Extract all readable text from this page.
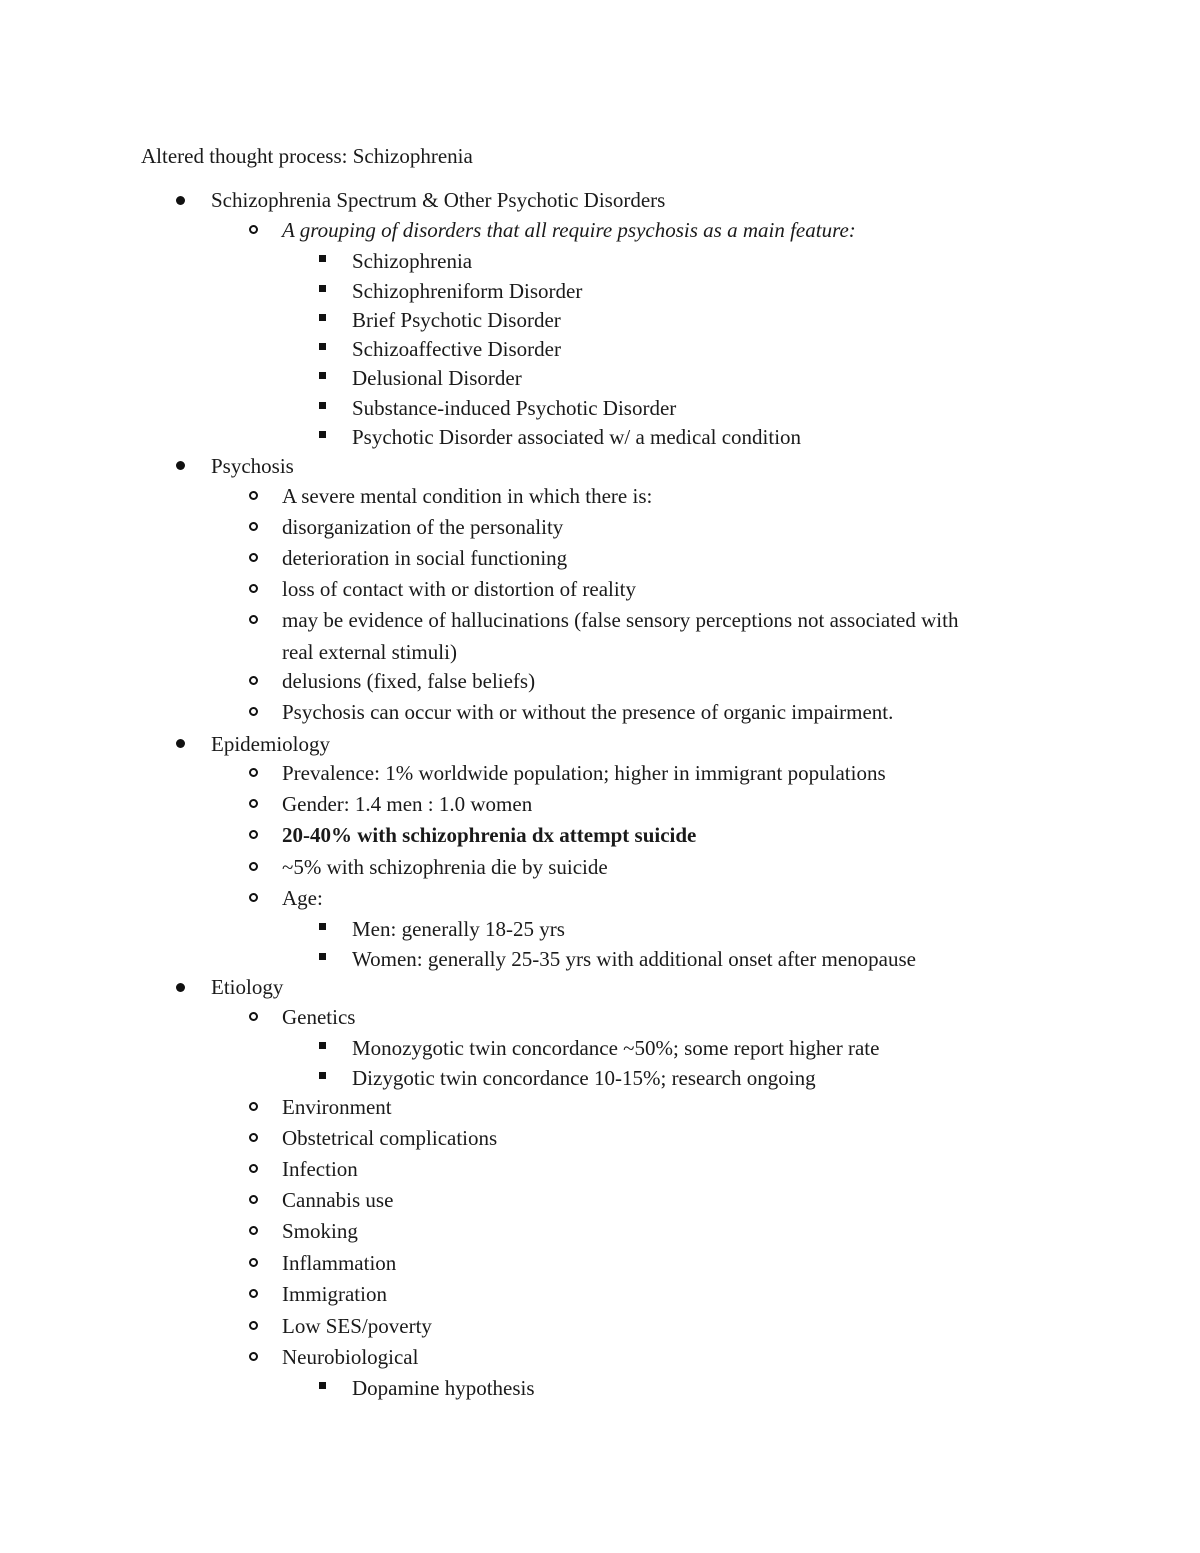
Altered thought process: Schizophrenia
Schizophrenia Spectrum & Other Psychotic Disorders
A grouping of disorders that all require psychosis as a main feature:
Schizophrenia
Schizophreniform Disorder
Brief Psychotic Disorder
Schizoaffective Disorder
Delusional Disorder
Substance-induced Psychotic Disorder
Psychotic Disorder associated w/ a medical condition
Psychosis
A severe mental condition in which there is:
disorganization of the personality
deterioration in social functioning
loss of contact with or distortion of reality
may be evidence of hallucinations (false sensory perceptions not associated with
real external stimuli)
delusions (fixed, false beliefs)
Psychosis can occur with or without the presence of organic impairment.
Epidemiology
Prevalence: 1% worldwide population; higher in immigrant populations
Gender: 1.4 men : 1.0 women
20-40% with schizophrenia dx attempt suicide
~5% with schizophrenia die by suicide
Age:
Men: generally 18-25 yrs
Women: generally 25-35 yrs with additional onset after menopause
Etiology
Genetics
Monozygotic twin concordance ~50%; some report higher rate
Dizygotic twin concordance 10-15%; research ongoing
Environment
Obstetrical complications
Infection
Cannabis use
Smoking
Inflammation
Immigration
Low SES/poverty
Neurobiological
Dopamine hypothesis
